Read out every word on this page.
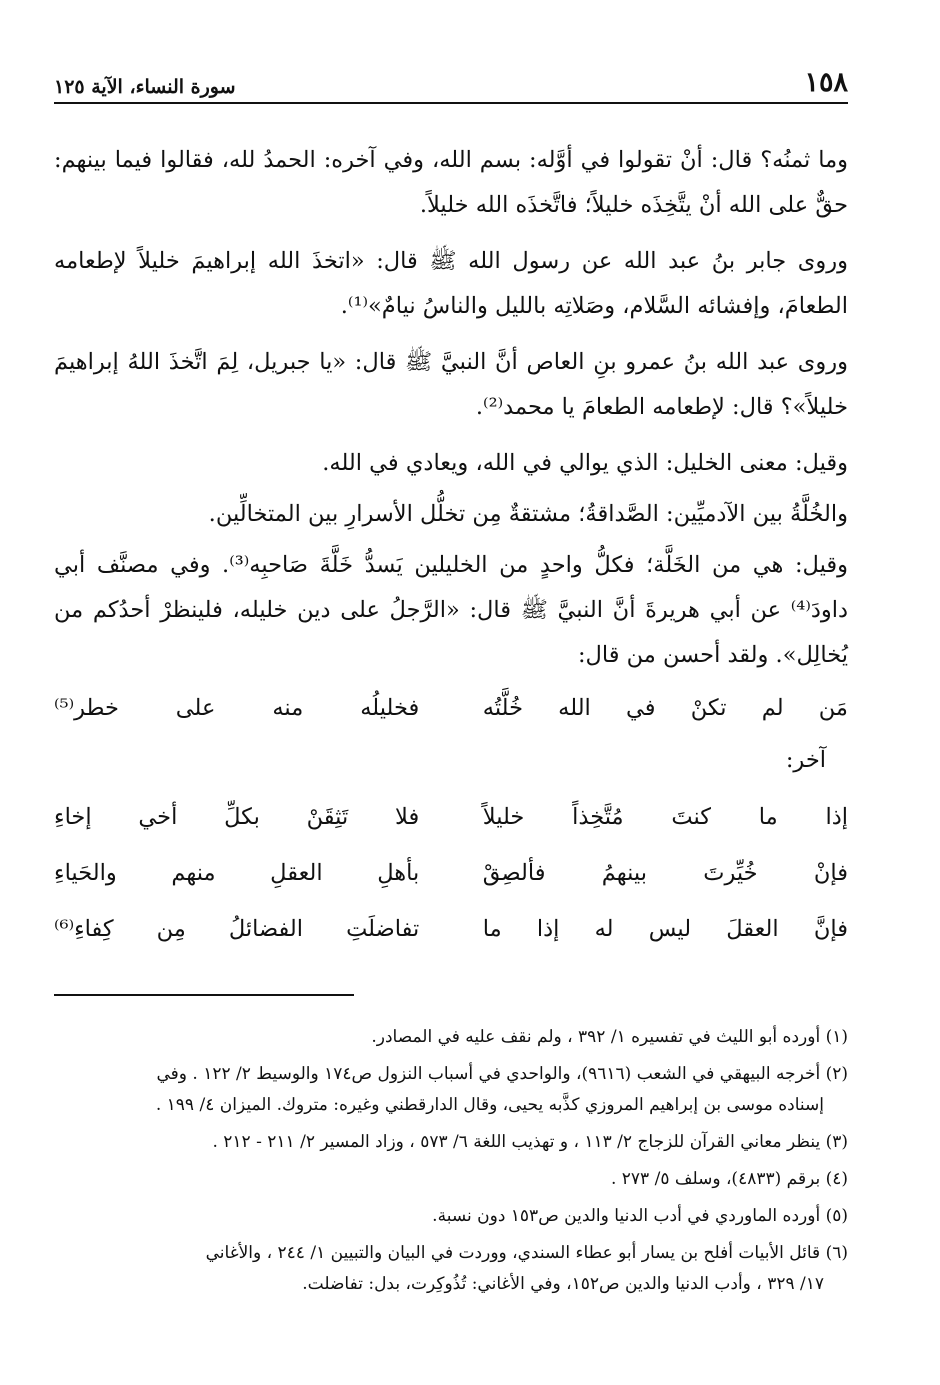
١٥٨
سورة النساء، الآية ١٢٥

وما ثمنُه؟ قال: أنْ تقولوا في أوَّله: بسم الله، وفي آخره: الحمدُ لله، فقالوا فيما بينهم: حقٌّ على الله أنْ يتَّخِذَه خليلاً؛ فاتَّخذَه الله خليلاً.

وروى جابر بنُ عبد الله عن رسول الله ﷺ قال: «اتخذَ الله إبراهيمَ خليلاً لإطعامه الطعامَ، وإفشائه السَّلام، وصَلاتِه بالليل والناسُ نيامٌ»⁽¹⁾.

وروى عبد الله بنُ عمرو بنِ العاص أنَّ النبيَّ ﷺ قال: «يا جبريل، لِمَ اتَّخذَ اللهُ إبراهيمَ خليلاً»؟ قال: لإطعامه الطعامَ يا محمد⁽²⁾.

وقيل: معنى الخليل: الذي يوالي في الله، ويعادي في الله.

والخُلَّةُ بين الآدميِّين: الصَّداقةُ؛ مشتقةٌ مِن تخلُّل الأسرارِ بين المتخالِّين.

وقيل: هي من الخَلَّة؛ فكلُّ واحدٍ من الخليلين يَسدُّ خَلَّةَ صَاحبِه⁽³⁾. وفي مصنَّف أبي داودَ⁽⁴⁾ عن أبي هريرةَ أنَّ النبيَّ ﷺ قال: «الرَّجلُ على دين خليله، فلينظرْ أحدُكم من يُخالِل». ولقد أحسن من قال:

مَن لم تكنْ في الله خُلَّتُه
فخليلُه منه على خطر⁽⁵⁾
آخر:
إذا ما كنتَ مُتَّخِذاً خليلاً
فلا تَثِقَنْ بكلِّ أخي إخاءِ
فإنْ خُيِّرتَ بينهمُ فألصِقْ
بأهلِ العقلِ منهم والحَياءِ
فإنَّ العقلَ ليس له إذا ما
تفاضلَتِ الفضائلُ مِن كِفاءِ⁽⁶⁾

(١) أورده أبو الليث في تفسيره ١/ ٣٩٢ ، ولم نقف عليه في المصادر.

(٢) أخرجه البيهقي في الشعب (٩٦١٦)، والواحدي في أسباب النزول ص١٧٤ والوسيط ٢/ ١٢٢ . وفي
إسناده موسى بن إبراهيم المروزي كذَّبه يحيى، وقال الدارقطني وغيره: متروك. الميزان ٤/ ١٩٩ .

(٣) ينظر معاني القرآن للزجاج ٢/ ١١٣ ، و تهذيب اللغة ٦/ ٥٧٣ ، وزاد المسير ٢/ ٢١١ - ٢١٢ .

(٤) برقم (٤٨٣٣)، وسلف ٥/ ٢٧٣ .

(٥) أورده الماوردي في أدب الدنيا والدين ص١٥٣ دون نسبة.

(٦) قائل الأبيات أفلح بن يسار أبو عطاء السندي، ووردت في البيان والتبيين ١/ ٢٤٤ ، والأغاني
١٧/ ٣٢٩ ، وأدب الدنيا والدين ص١٥٢، وفي الأغاني: تُذُوكِرت، بدل: تفاضلت.
